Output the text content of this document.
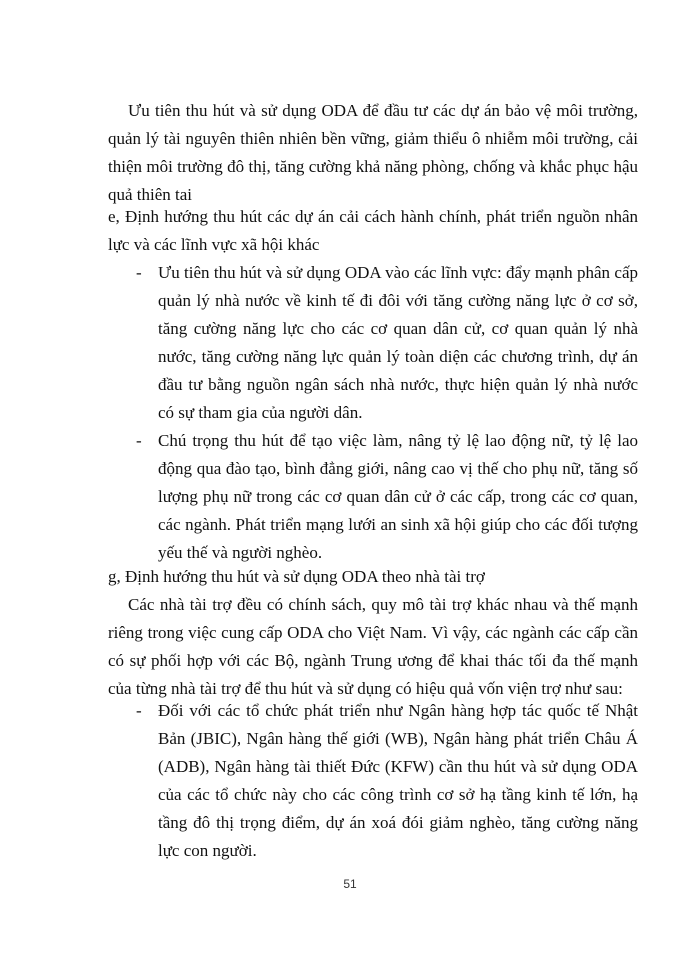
Ưu tiên thu hút và sử dụng ODA để đầu tư các dự án bảo vệ môi trường, quản lý tài nguyên thiên nhiên bền vững, giảm thiểu ô nhiễm môi trường, cải thiện môi trường đô thị, tăng cường khả năng phòng, chống và khắc phục hậu quả thiên tai

e, Định hướng thu hút các dự án cải cách hành chính, phát triển nguồn nhân lực và các lĩnh vực xã hội khác

- Ưu tiên thu hút và sử dụng ODA vào các lĩnh vực: đẩy mạnh phân cấp quản lý nhà nước về kinh tế đi đôi với tăng cường năng lực ở cơ sở, tăng cường năng lực cho các cơ quan dân cử, cơ quan quản lý nhà nước, tăng cường năng lực quản lý toàn diện các chương trình, dự án đầu tư bằng nguồn ngân sách nhà nước, thực hiện quản lý nhà nước có sự tham gia của người dân.
- Chú trọng thu hút để tạo việc làm, nâng tỷ lệ lao động nữ, tỷ lệ lao động qua đào tạo, bình đẳng giới, nâng cao vị thế cho phụ nữ, tăng số lượng phụ nữ trong các cơ quan dân cử ở các cấp, trong các cơ quan, các ngành. Phát triển mạng lưới an sinh xã hội giúp cho các đối tượng yếu thế và người nghèo.

g, Định hướng thu hút và sử dụng ODA theo nhà tài trợ

Các nhà tài trợ đều có chính sách, quy mô tài trợ khác nhau và thế mạnh riêng trong việc cung cấp ODA cho Việt Nam. Vì vậy, các ngành các cấp cần có sự phối hợp với các Bộ, ngành Trung ương để khai thác tối đa thế mạnh của từng nhà tài trợ để thu hút và sử dụng có hiệu quả vốn viện trợ như sau:

- Đối với các tổ chức phát triển như Ngân hàng hợp tác quốc tế Nhật Bản (JBIC), Ngân hàng thế giới (WB), Ngân hàng phát triển Châu Á (ADB), Ngân hàng tài thiết Đức (KFW) cần thu hút và sử dụng ODA của các tổ chức này cho các công trình cơ sở hạ tầng kinh tế lớn, hạ tầng đô thị trọng điểm, dự án xoá đói giảm nghèo, tăng cường năng lực con người.
51
